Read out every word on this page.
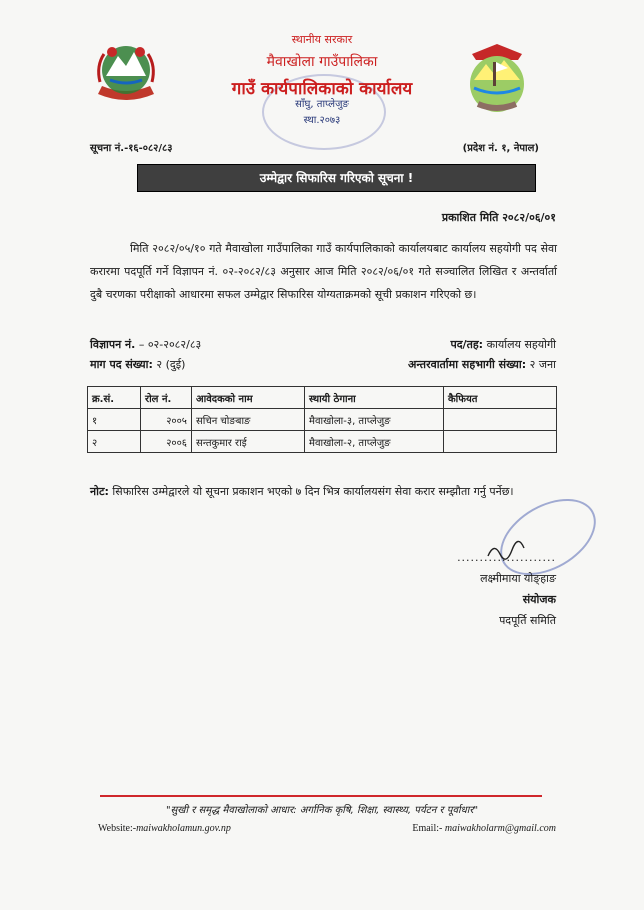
स्थानीय सरकार
मैवाखोला गाउँपालिका
गाउँ कार्यपालिकाको कार्यालय
साँघु, ताप्लेजुङ
स्था.२०७३
सूचना नं.-१६-०८२/८३	(प्रदेश नं. १, नेपाल)
उम्मेद्वार सिफारिस गरिएको सूचना !
प्रकाशित मिति २०८२/०६/०१
मिति २०८२/०५/१० गते मैवाखोला गाउँपालिका गाउँ कार्यपालिकाको कार्यालयबाट कार्यालय सहयोगी पद सेवा करारमा पदपूर्ति गर्ने विज्ञापन नं. ०२-२०८२/८३ अनुसार आज मिति २०८२/०६/०१ गते सञ्चालित लिखित र अन्तर्वार्ता दुबै चरणका परीक्षाको आधारमा सफल उम्मेद्वार सिफारिस योग्यताक्रमको सूची प्रकाशन गरिएको छ।
विज्ञापन नं. – ०२-२०८२/८३	पद/तह: कार्यालय सहयोगी
माग पद संख्या: २ (दुई)	अन्तरवार्तामा सहभागी संख्या: २ जना
क्र.सं.	रोल नं.	आवेदकको नाम	स्थायी ठेगाना	कैफियत
१	२००५	सचिन चोङबाङ	मैवाखोला-३, ताप्लेजुङ	
२	२००६	सन्तकुमार राई	मैवाखोला-२, ताप्लेजुङ	
नोट: सिफारिस उम्मेद्वारले यो सूचना प्रकाशन भएको ७ दिन भित्र कार्यालयसंग सेवा करार सम्झौता गर्नु पर्नेछ।
......................
लक्ष्मीमाया योङ्हाङ
संयोजक
पदपूर्ति समिति
"सुखी र समृद्ध मैवाखोलाको आधार: अर्गानिक कृषि, शिक्षा, स्वास्थ्य, पर्यटन र पूर्वाधार"
Website:-maiwakholamun.gov.np	Email:- maiwakholarm@gmail.com
